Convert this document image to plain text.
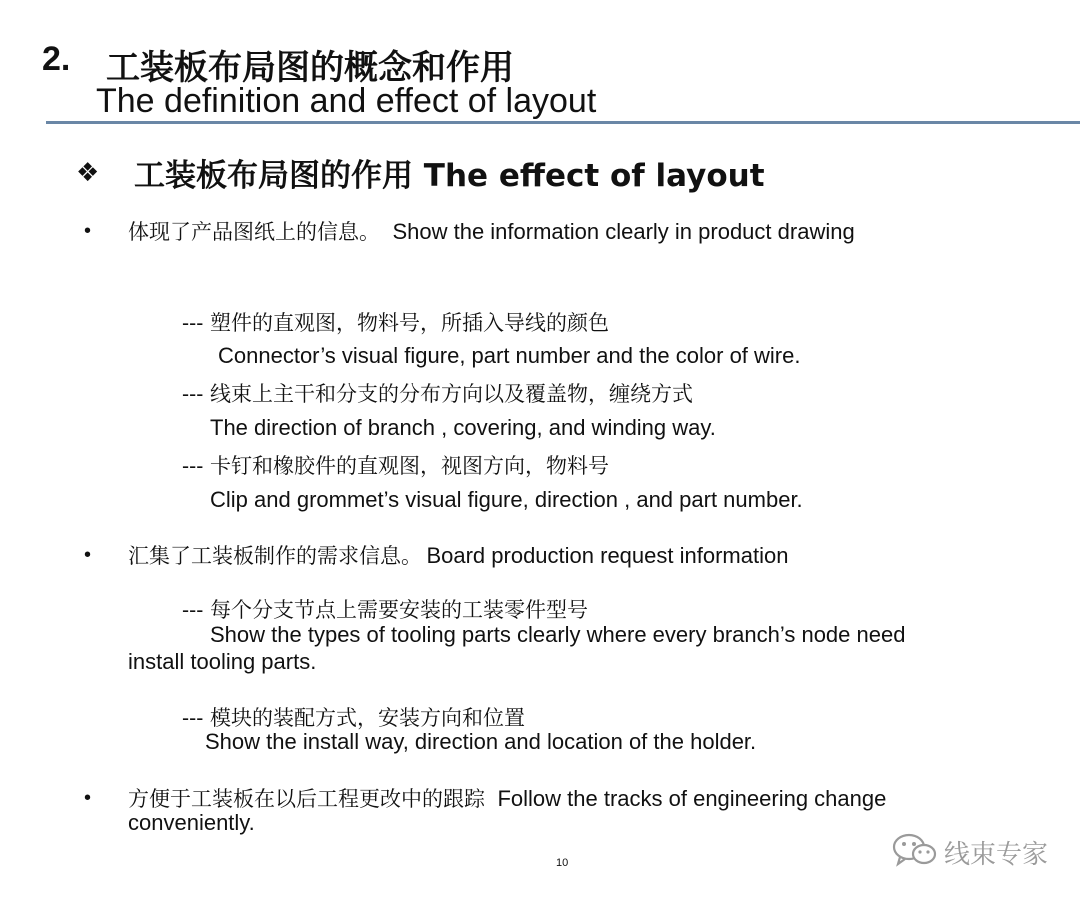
2. 工装板布局图的概念和作用
The definition and effect of layout
❖ 工装板布局图的作用 The effect of layout
• 体现了产品图纸上的信息。 Show the information clearly in product drawing
--- 塑件的直观图，物料号，所插入导线的颜色
Connector’s visual figure, part number and the color of wire.
--- 线束上主干和分支的分布方向以及覆盖物，缠绕方式
The direction of branch , covering, and winding way.
--- 卡钉和橡胶件的直观图，视图方向，物料号
Clip and grommet’s visual figure, direction , and part number.
• 汇集了工装板制作的需求信息。 Board production request information
--- 每个分支节点上需要安装的工装零件型号
Show the types of tooling parts clearly where every branch’s node need
install tooling parts.
--- 模块的装配方式，安装方向和位置
Show the install way, direction and location of the holder.
• 方便于工装板在以后工程更改中的跟踪 Follow the tracks of engineering change
conveniently.
10	线束专家
